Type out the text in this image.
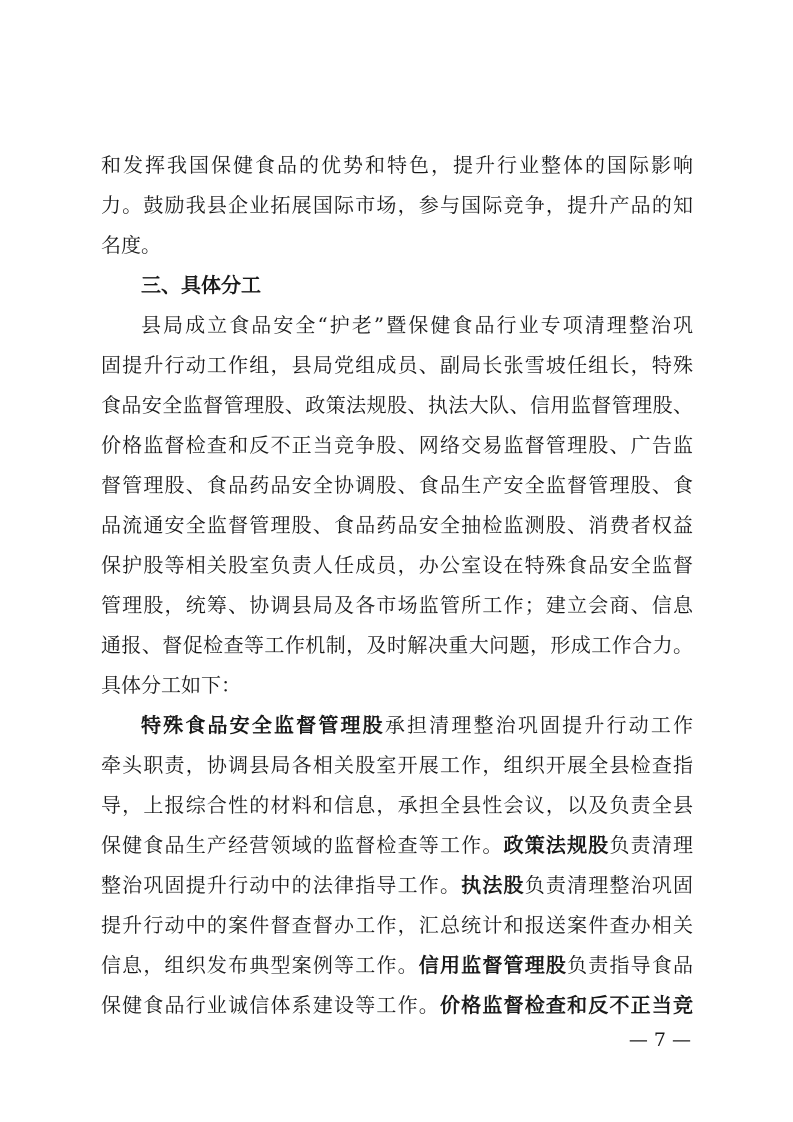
和发挥我国保健食品的优势和特色，提升行业整体的国际影响
力。鼓励我县企业拓展国际市场，参与国际竞争，提升产品的知
名度。
三、具体分工
县局成立食品安全“护老”暨保健食品行业专项清理整治巩
固提升行动工作组，县局党组成员、副局长张雪坡任组长，特殊
食品安全监督管理股、政策法规股、执法大队、信用监督管理股、
价格监督检查和反不正当竞争股、网络交易监督管理股、广告监
督管理股、食品药品安全协调股、食品生产安全监督管理股、食
品流通安全监督管理股、食品药品安全抽检监测股、消费者权益
保护股等相关股室负责人任成员，办公室设在特殊食品安全监督
管理股，统筹、协调县局及各市场监管所工作；建立会商、信息
通报、督促检查等工作机制，及时解决重大问题，形成工作合力。
具体分工如下：
特殊食品安全监督管理股承担清理整治巩固提升行动工作
牵头职责，协调县局各相关股室开展工作，组织开展全县检查指
导，上报综合性的材料和信息，承担全县性会议，以及负责全县
保健食品生产经营领域的监督检查等工作。政策法规股负责清理
整治巩固提升行动中的法律指导工作。执法股负责清理整治巩固
提升行动中的案件督查督办工作，汇总统计和报送案件查办相关
信息，组织发布典型案例等工作。信用监督管理股负责指导食品
保健食品行业诚信体系建设等工作。价格监督检查和反不正当竞
— 7 —
